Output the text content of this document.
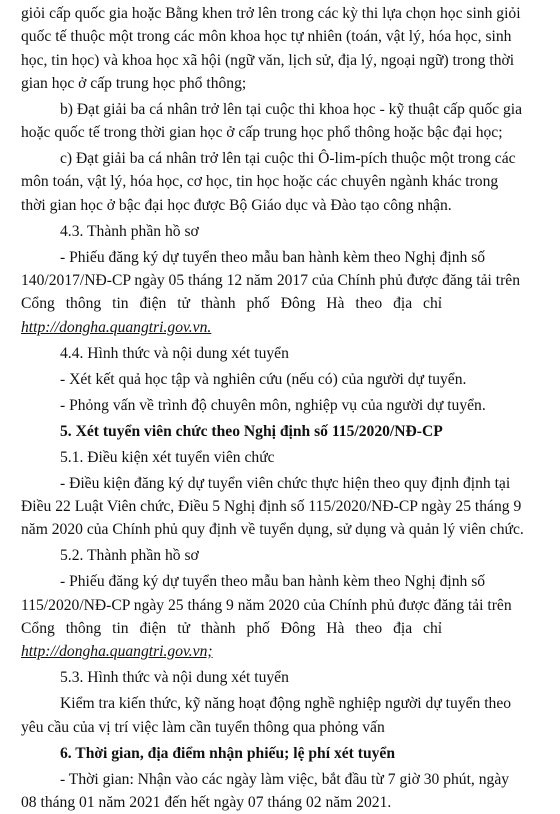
giỏi cấp quốc gia hoặc Bằng khen trở lên trong các kỳ thi lựa chọn học sinh giỏi
quốc tế thuộc một trong các môn khoa học tự nhiên (toán, vật lý, hóa học, sinh
học, tin học) và khoa học xã hội (ngữ văn, lịch sử, địa lý, ngoại ngữ) trong thời
gian học ở cấp trung học phổ thông;
b) Đạt giải ba cá nhân trở lên tại cuộc thi khoa học - kỹ thuật cấp quốc gia
hoặc quốc tế trong thời gian học ở cấp trung học phổ thông hoặc bậc đại học;
c) Đạt giải ba cá nhân trở lên tại cuộc thi Ô-lim-pích thuộc một trong các
môn toán, vật lý, hóa học, cơ học, tin học hoặc các chuyên ngành khác trong
thời gian học ở bậc đại học được Bộ Giáo dục và Đào tạo công nhận.
4.3. Thành phần hồ sơ
- Phiếu đăng ký dự tuyển theo mẫu ban hành kèm theo Nghị định số
140/2017/NĐ-CP ngày 05 tháng 12 năm 2017 của Chính phủ được đăng tải trên
Cổng thông tin điện tử thành phố Đông Hà theo địa chỉ
http://dongha.quangtri.gov.vn.
4.4. Hình thức và nội dung xét tuyển
- Xét kết quả học tập và nghiên cứu (nếu có) của người dự tuyển.
- Phỏng vấn về trình độ chuyên môn, nghiệp vụ của người dự tuyển.
5. Xét tuyển viên chức theo Nghị định số 115/2020/NĐ-CP
5.1. Điều kiện xét tuyển viên chức
- Điều kiện đăng ký dự tuyển viên chức thực hiện theo quy định định tại
Điều 22 Luật Viên chức, Điều 5 Nghị định số 115/2020/NĐ-CP ngày 25 tháng 9
năm 2020 của Chính phủ quy định về tuyển dụng, sử dụng và quản lý viên chức.
5.2. Thành phần hồ sơ
- Phiếu đăng ký dự tuyển theo mẫu ban hành kèm theo Nghị định số
115/2020/NĐ-CP ngày 25 tháng 9 năm 2020 của Chính phủ được đăng tải trên
Cổng thông tin điện tử thành phố Đông Hà theo địa chỉ
http://dongha.quangtri.gov.vn;
5.3. Hình thức và nội dung xét tuyển
Kiểm tra kiến thức, kỹ năng hoạt động nghề nghiệp người dự tuyển theo
yêu cầu của vị trí việc làm cần tuyển thông qua phỏng vấn
6. Thời gian, địa điểm nhận phiếu; lệ phí xét tuyển
- Thời gian: Nhận vào các ngày làm việc, bắt đầu từ 7 giờ 30 phút, ngày
08 tháng 01 năm 2021 đến hết ngày 07 tháng 02 năm 2021.
